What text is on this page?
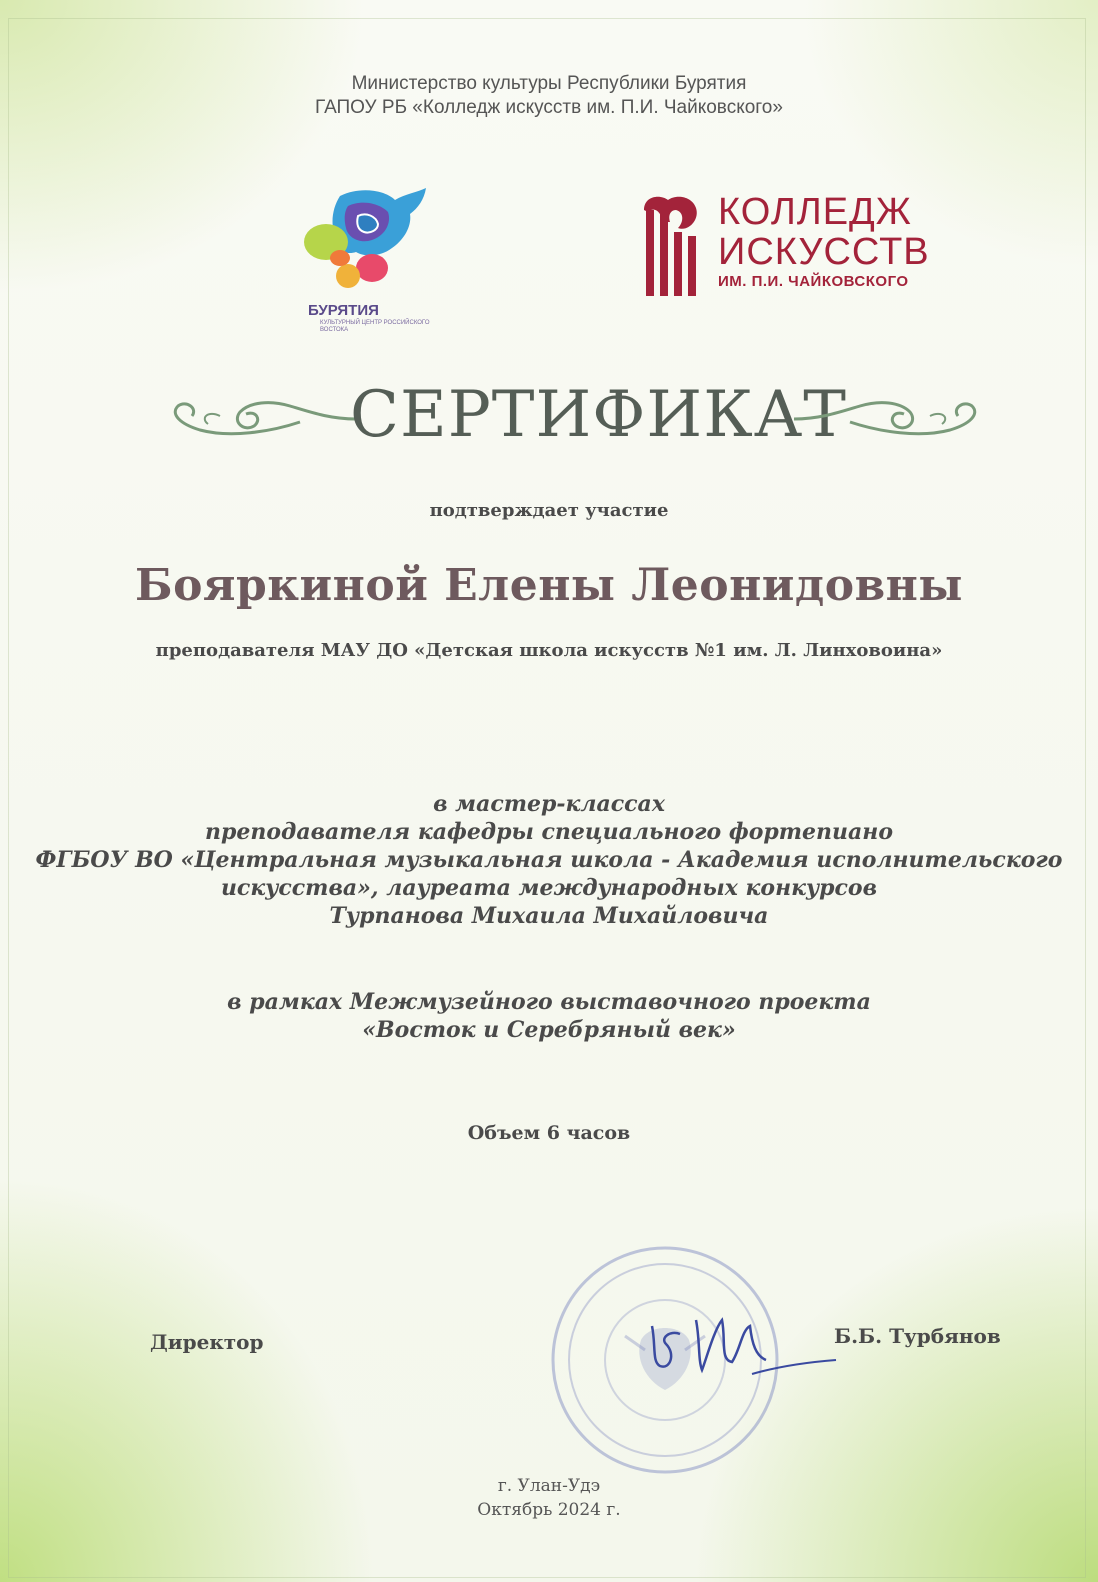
Министерство культуры Республики Бурятия
ГАПОУ РБ «Колледж искусств им. П.И. Чайковского»
БУРЯТИЯ
КУЛЬТУРНЫЙ ЦЕНТР РОССИЙСКОГО ВОСТОКА
КОЛЛЕДЖ
ИСКУССТВ
ИМ. П.И. ЧАЙКОВСКОГО
СЕРТИФИКАТ
подтверждает участие
Бояркиной Елены Леонидовны
преподавателя МАУ ДО «Детская школа искусств №1 им. Л. Линховоина»
в мастер-классах
преподавателя кафедры специального фортепиано
ФГБОУ ВО «Центральная музыкальная школа - Академия исполнительского
искусства», лауреата международных конкурсов
Турпанова Михаила Михайловича
в рамках Межмузейного выставочного проекта
«Восток и Серебряный век»
Объем 6 часов
Директор	Б.Б. Турбянов
г. Улан-Удэ
Октябрь 2024 г.
